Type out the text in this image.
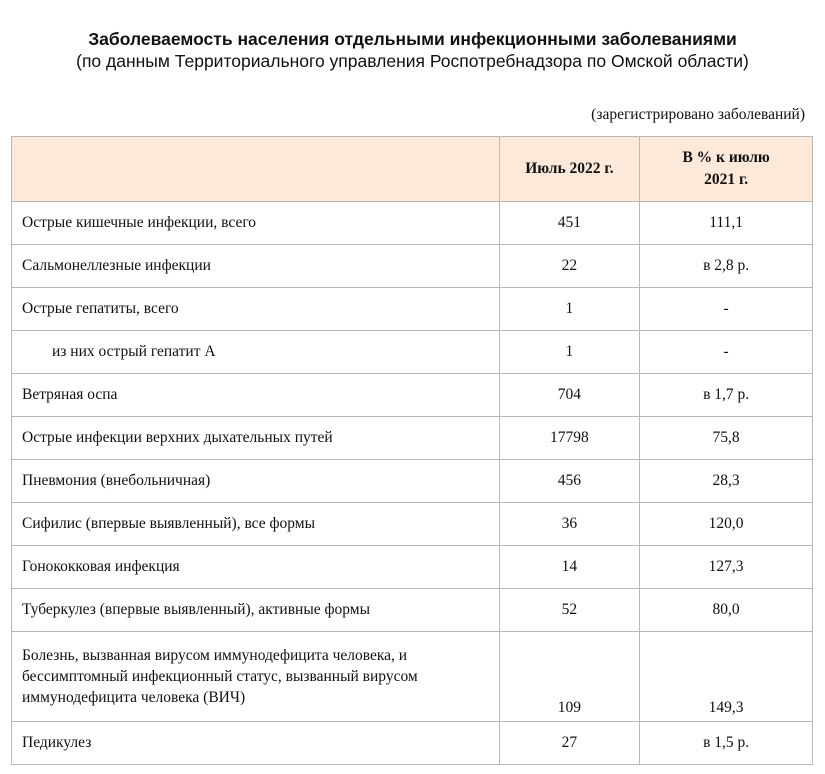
Заболеваемость населения отдельными инфекционными заболеваниями
(по данным Территориального управления Роспотребнадзора по Омской области)
(зарегистрировано заболеваний)
	Июль 2022 г.	В % к июлю 2021 г.
Острые кишечные инфекции, всего	451	111,1
Сальмонеллезные инфекции	22	в 2,8 р.
Острые гепатиты, всего	1	-
из них острый гепатит А	1	-
Ветряная оспа	704	в 1,7 р.
Острые инфекции верхних дыхательных путей	17798	75,8
Пневмония (внебольничная)	456	28,3
Сифилис (впервые выявленный), все формы	36	120,0
Гонококковая инфекция	14	127,3
Туберкулез (впервые выявленный), активные формы	52	80,0
Болезнь, вызванная вирусом иммунодефицита человека, и бессимптомный инфекционный статус, вызванный вирусом иммунодефицита человека (ВИЧ)	109	149,3
Педикулез	27	в 1,5 р.
